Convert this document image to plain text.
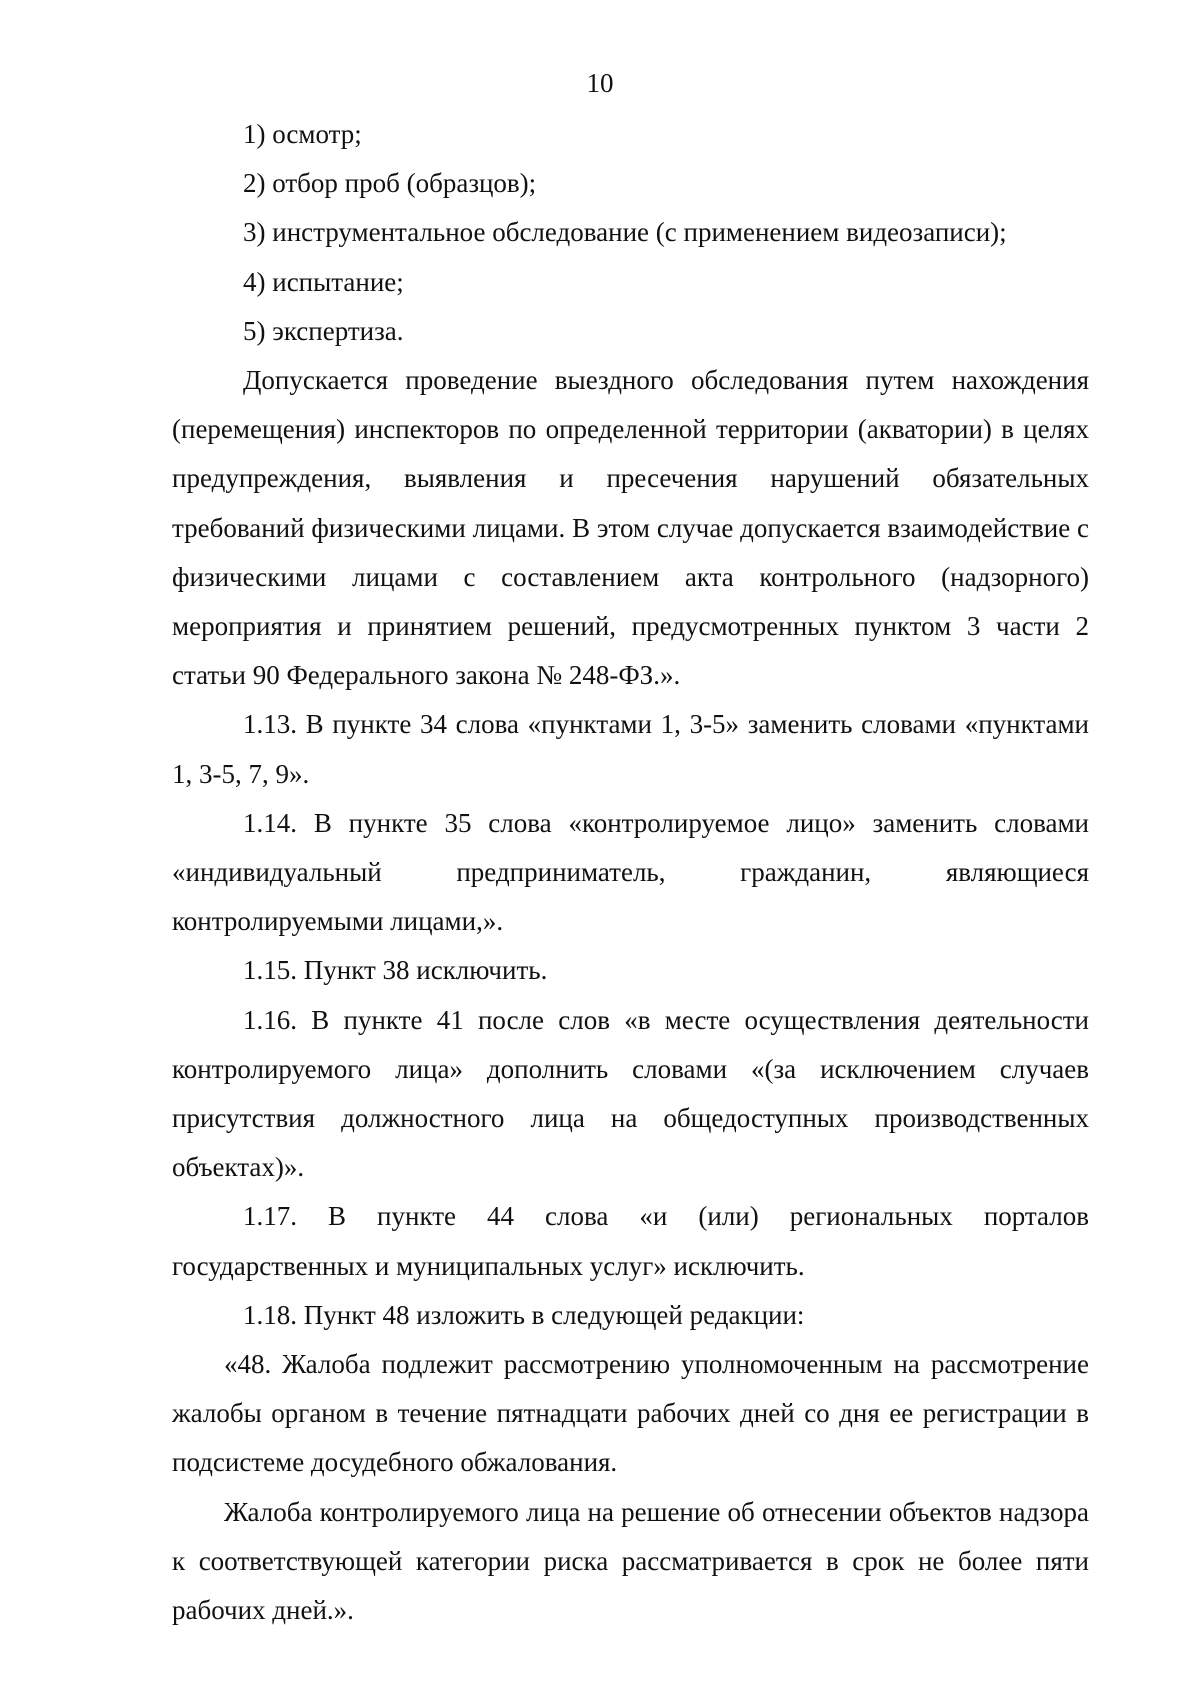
10
1) осмотр;
2) отбор проб (образцов);
3) инструментальное обследование (с применением видеозаписи);
4) испытание;
5) экспертиза.

Допускается проведение выездного обследования путем нахождения (перемещения) инспекторов по определенной территории (акватории) в целях предупреждения, выявления и пресечения нарушений обязательных требований физическими лицами. В этом случае допускается взаимодействие с физическими лицами с составлением акта контрольного (надзорного) мероприятия и принятием решений, предусмотренных пунктом 3 части 2 статьи 90 Федерального закона № 248-ФЗ.».

1.13. В пункте 34 слова «пунктами 1, 3-5» заменить словами «пунктами 1, 3-5, 7, 9».

1.14. В пункте 35 слова «контролируемое лицо» заменить словами «индивидуальный предприниматель, гражданин, являющиеся контролируемыми лицами,».

1.15. Пункт 38 исключить.

1.16. В пункте 41 после слов «в месте осуществления деятельности контролируемого лица» дополнить словами «(за исключением случаев присутствия должностного лица на общедоступных производственных объектах)».

1.17. В пункте 44 слова «и (или) региональных порталов государственных и муниципальных услуг» исключить.

1.18. Пункт 48 изложить в следующей редакции:

«48. Жалоба подлежит рассмотрению уполномоченным на рассмотрение жалобы органом в течение пятнадцати рабочих дней со дня ее регистрации в подсистеме досудебного обжалования.

Жалоба контролируемого лица на решение об отнесении объектов надзора к соответствующей категории риска рассматривается в срок не более пяти рабочих дней.».
